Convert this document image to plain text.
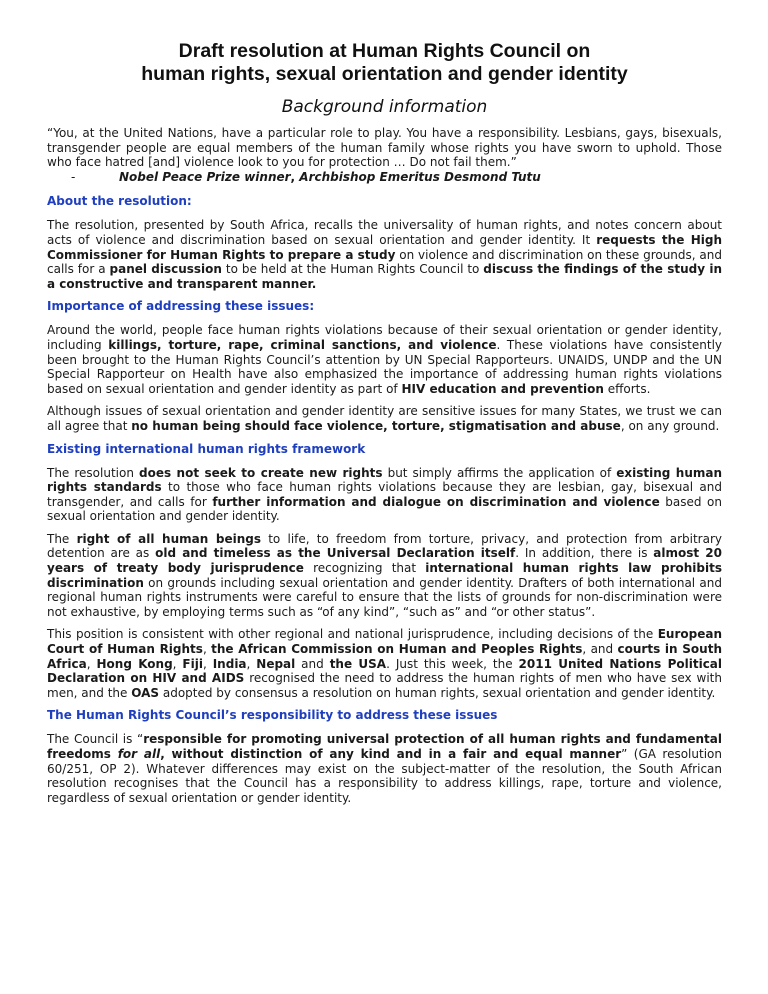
Draft resolution at Human Rights Council on
human rights, sexual orientation and gender identity
Background information

“You, at the United Nations, have a particular role to play. You have a responsibility. Lesbians, gays, bisexuals, transgender people are equal members of the human family whose rights you have sworn to uphold. Those who face hatred [and] violence look to you for protection … Do not fail them.”

-	Nobel Peace Prize winner, Archbishop Emeritus Desmond Tutu

About the resolution:

The resolution, presented by South Africa, recalls the universality of human rights, and notes concern about acts of violence and discrimination based on sexual orientation and gender identity. It requests the High Commissioner for Human Rights to prepare a study on violence and discrimination on these grounds, and calls for a panel discussion to be held at the Human Rights Council to discuss the findings of the study in a constructive and transparent manner.

Importance of addressing these issues:

Around the world, people face human rights violations because of their sexual orientation or gender identity, including killings, torture, rape, criminal sanctions, and violence. These violations have consistently been brought to the Human Rights Council’s attention by UN Special Rapporteurs. UNAIDS, UNDP and the UN Special Rapporteur on Health have also emphasized the importance of addressing human rights violations based on sexual orientation and gender identity as part of HIV education and prevention efforts.

Although issues of sexual orientation and gender identity are sensitive issues for many States, we trust we can all agree that no human being should face violence, torture, stigmatisation and abuse, on any ground.

Existing international human rights framework

The resolution does not seek to create new rights but simply affirms the application of existing human rights standards to those who face human rights violations because they are lesbian, gay, bisexual and transgender, and calls for further information and dialogue on discrimination and violence based on sexual orientation and gender identity.

The right of all human beings to life, to freedom from torture, privacy, and protection from arbitrary detention are as old and timeless as the Universal Declaration itself. In addition, there is almost 20 years of treaty body jurisprudence recognizing that international human rights law prohibits discrimination on grounds including sexual orientation and gender identity. Drafters of both international and regional human rights instruments were careful to ensure that the lists of grounds for non-discrimination were not exhaustive, by employing terms such as “of any kind”, “such as” and “or other status”.

This position is consistent with other regional and national jurisprudence, including decisions of the European Court of Human Rights, the African Commission on Human and Peoples Rights, and courts in South Africa, Hong Kong, Fiji, India, Nepal and the USA. Just this week, the 2011 United Nations Political Declaration on HIV and AIDS recognised the need to address the human rights of men who have sex with men, and the OAS adopted by consensus a resolution on human rights, sexual orientation and gender identity.

The Human Rights Council’s responsibility to address these issues

The Council is “responsible for promoting universal protection of all human rights and fundamental freedoms for all, without distinction of any kind and in a fair and equal manner” (GA resolution 60/251, OP 2). Whatever differences may exist on the subject-matter of the resolution, the South African resolution recognises that the Council has a responsibility to address killings, rape, torture and violence, regardless of sexual orientation or gender identity.
